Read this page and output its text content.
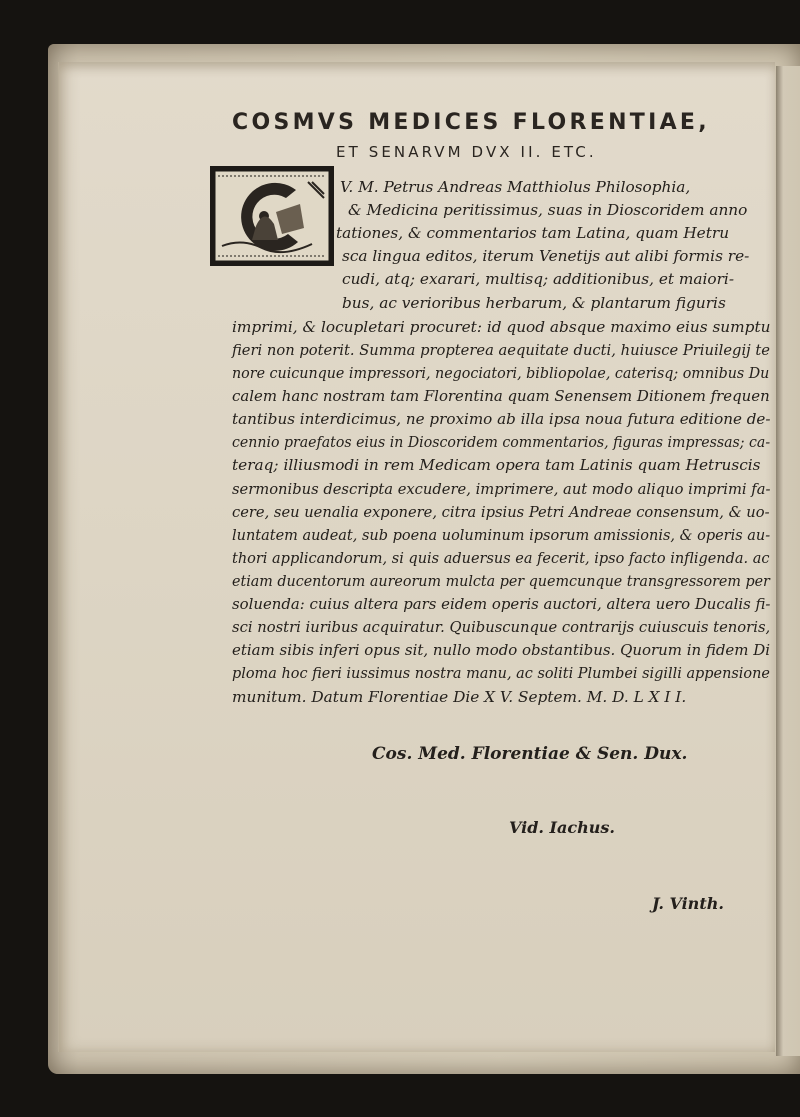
COSMVS MEDICES FLORENTIAE,
ET SENARVM DVX II. ETC.
V. M. Petrus Andreas Matthiolus Philosophia,
& Medicina peritissimus, suas in Dioscoridem anno
tationes, & commentarios tam Latina, quam Hetru
sca lingua editos, iterum Venetijs aut alibi formis re-
cudi, atq; exarari, multisq; additionibus, et maiori-
bus, ac verioribus herbarum, & plantarum figuris
imprimi, & locupletari procuret: id quod absque maximo eius sumptu
fieri non poterit. Summa propterea aequitate ducti, huiusce Priuilegij te
nore cuicunque impressori, negociatori, bibliopolae, caterisq; omnibus Du
calem hanc nostram tam Florentina quam Senensem Ditionem frequen
tantibus interdicimus, ne proximo ab illa ipsa noua futura editione de-
cennio praefatos eius in Dioscoridem commentarios, figuras impressas; ca-
teraq; illiusmodi in rem Medicam opera tam Latinis quam Hetruscis
sermonibus descripta excudere, imprimere, aut modo aliquo imprimi fa-
cere, seu uenalia exponere, citra ipsius Petri Andreae consensum, & uo-
luntatem audeat, sub poena uoluminum ipsorum amissionis, & operis au-
thori applicandorum, si quis aduersus ea fecerit, ipso facto infligenda. ac
etiam ducentorum aureorum mulcta per quemcunque transgressorem per
soluenda: cuius altera pars eidem operis auctori, altera uero Ducalis fi-
sci nostri iuribus acquiratur. Quibuscunque contrarijs cuiuscuis tenoris,
etiam sibis inferi opus sit, nullo modo obstantibus. Quorum in fidem Di
ploma hoc fieri iussimus nostra manu, ac soliti Plumbei sigilli appensione
munitum. Datum Florentiae Die X V. Septem. M. D. L X I I.
Cos. Med. Florentiae & Sen. Dux.
Vid. Iachus.
J. Vinth.
